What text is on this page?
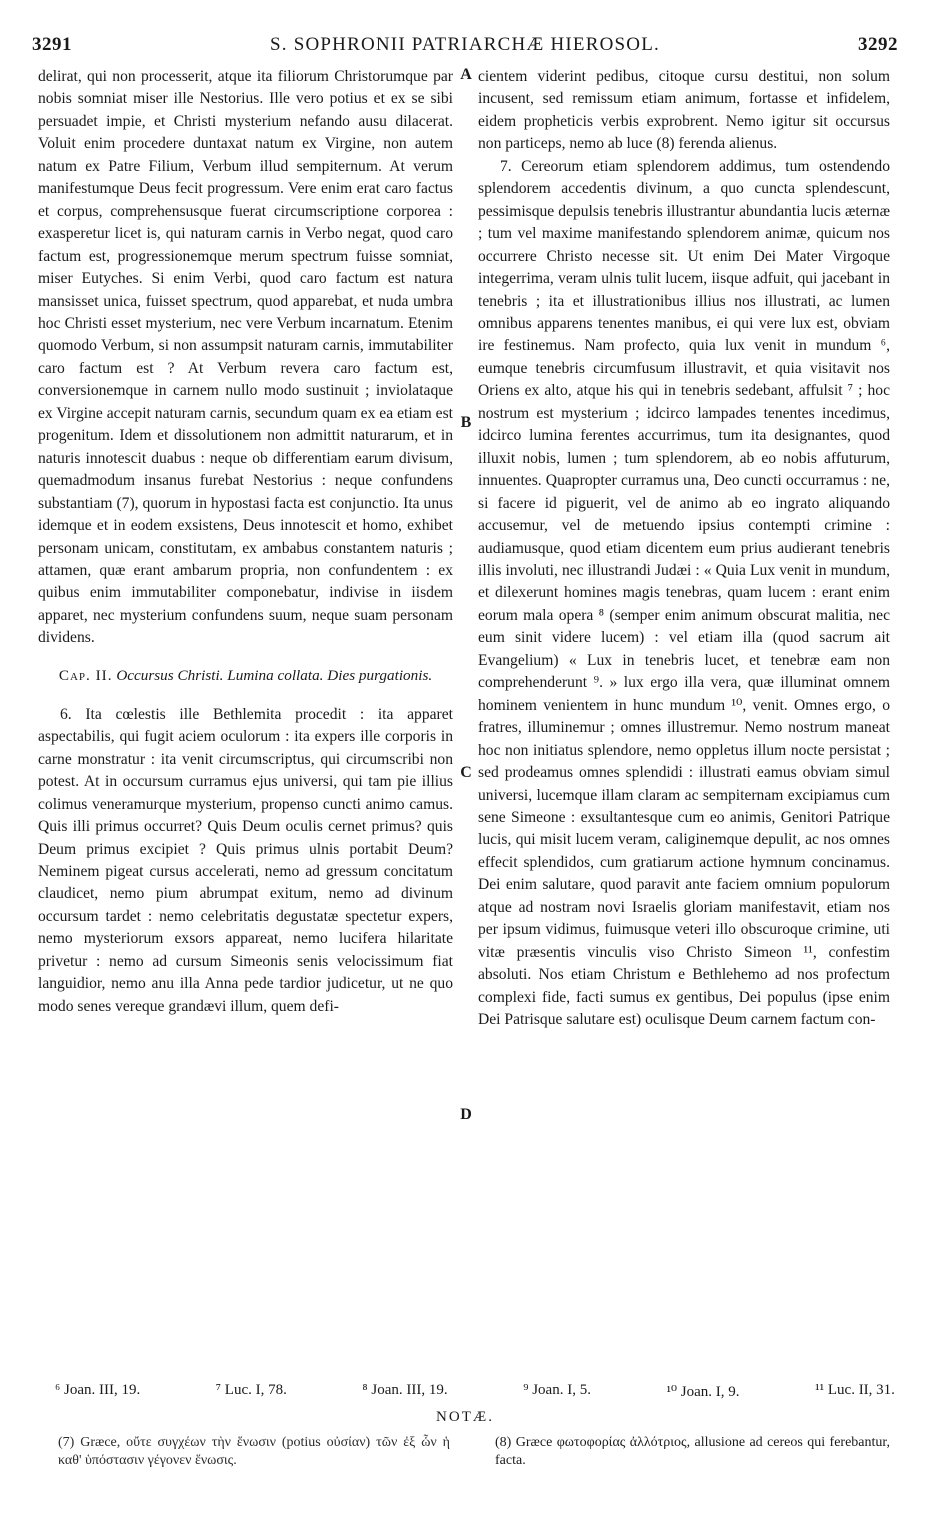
3291	S. SOPHRONII PATRIARCHÆ HIEROSOL.	3292

delirat, qui non processerit, atque ita filiorum Christorumque par nobis somniat miser ille Nestorius. Ille vero potius et ex se sibi persuadet impie, et Christi mysterium nefando ausu dilacerat. Voluit enim procedere duntaxat natum ex Virgine, non autem natum ex Patre Filium, Verbum illud sempiternum. At verum manifestumque Deus fecit progressum. Vere enim erat caro factus et corpus, comprehensusque fuerat circumscriptione corporea : exasperetur licet is, qui naturam carnis in Verbo negat, quod caro factum est, progressionemque merum spectrum fuisse somniat, miser Eutyches. Si enim Verbi, quod caro factum est natura mansisset unica, fuisset spectrum, quod apparebat, et nuda umbra hoc Christi esset mysterium, nec vere Verbum incarnatum. Etenim quomodo Verbum, si non assumpsit naturam carnis, immutabiliter caro factum est ? At Verbum revera caro factum est, conversionemque in carnem nullo modo sustinuit ; inviolataque ex Virgine accepit naturam carnis, secundum quam ex ea etiam est progenitum. Idem et dissolutionem non admittit naturarum, et in naturis innotescit duabus : neque ob differentiam earum divisum, quemadmodum insanus furebat Nestorius : neque confundens substantiam (7), quorum in hypostasi facta est conjunctio. Ita unus idemque et in eodem exsistens, Deus innotescit et homo, exhibet personam unicam, constitutam, ex ambabus constantem naturis ; attamen, quæ erant ambarum propria, non confundentem : ex quibus enim immutabiliter componebatur, indivise in iisdem apparet, nec mysterium confundens suum, neque suam personam dividens.

Cap. II. Occursus Christi. Lumina collata. Dies purgationis.

6. Ita cœlestis ille Bethlemita procedit : ita apparet aspectabilis, qui fugit aciem oculorum : ita expers ille corporis in carne monstratur : ita venit circumscriptus, qui circumscribi non potest. At in occursum curramus ejus universi, qui tam pie illius colimus veneramurque mysterium, propenso cuncti animo camus. Quis illi primus occurret? Quis Deum oculis cernet primus? quis Deum primus excipiet ? Quis primus ulnis portabit Deum? Neminem pigeat cursus accelerati, nemo ad gressum concitatum claudicet, nemo pium abrumpat exitum, nemo ad divinum occursum tardet : nemo celebritatis degustatæ spectetur expers, nemo mysteriorum exsors appareat, nemo lucifera hilaritate privetur : nemo ad cursum Simeonis senis velocissimum fiat languidior, nemo anu illa Anna pede tardior judicetur, ut ne quo modo senes vereque grandævi illum, quem defi-

cientem viderint pedibus, citoque cursu destitui, non solum incusent, sed remissum etiam animum, fortasse et infidelem, eidem propheticis verbis exprobrent. Nemo igitur sit occursus non particeps, nemo ab luce (8) ferenda alienus.

7. Cereorum etiam splendorem addimus, tum ostendendo splendorem accedentis divinum, a quo cuncta splendescunt, pessimisque depulsis tenebris illustrantur abundantia lucis æternæ ; tum vel maxime manifestando splendorem animæ, quicum nos occurrere Christo necesse sit. Ut enim Dei Mater Virgoque integerrima, veram ulnis tulit lucem, iisque adfuit, qui jacebant in tenebris ; ita et illustrationibus illius nos illustrati, ac lumen omnibus apparens tenentes manibus, ei qui vere lux est, obviam ire festinemus. Nam profecto, quia lux venit in mundum ⁶, eumque tenebris circumfusum illustravit, et quia visitavit nos Oriens ex alto, atque his qui in tenebris sedebant, affulsit ⁷ ; hoc nostrum est mysterium ; idcirco lampades tenentes incedimus, idcirco lumina ferentes accurrimus, tum ita designantes, quod illuxit nobis, lumen ; tum splendorem, ab eo nobis affuturum, innuentes. Quapropter curramus una, Deo cuncti occurramus : ne, si facere id piguerit, vel de animo ab eo ingrato aliquando accusemur, vel de metuendo ipsius contempti crimine : audiamusque, quod etiam dicentem eum prius audierant tenebris illis involuti, nec illustrandi Judæi : « Quia Lux venit in mundum, et dilexerunt homines magis tenebras, quam lucem : erant enim eorum mala opera ⁸ (semper enim animum obscurat malitia, nec eum sinit videre lucem) : vel etiam illa (quod sacrum ait Evangelium) « Lux in tenebris lucet, et tenebræ eam non comprehenderunt ⁹. » lux ergo illa vera, quæ illuminat omnem hominem venientem in hunc mundum ¹⁰, venit. Omnes ergo, o fratres, illuminemur ; omnes illustremur. Nemo nostrum maneat hoc non initiatus splendore, nemo oppletus illum nocte persistat ; sed prodeamus omnes splendidi : illustrati eamus obviam simul universi, lucemque illam claram ac sempiternam excipiamus cum sene Simeone : exsultantesque cum eo animis, Genitori Patrique lucis, qui misit lucem veram, caliginemque depulit, ac nos omnes effecit splendidos, cum gratiarum actione hymnum concinamus. Dei enim salutare, quod paravit ante faciem omnium populorum atque ad nostram novi Israelis gloriam manifestavit, etiam nos per ipsum vidimus, fuimusque veteri illo obscuroque crimine, uti vitæ præsentis vinculis viso Christo Simeon ¹¹, confestim absoluti. Nos etiam Christum e Bethlehemo ad nos profectum complexi fide, facti sumus ex gentibus, Dei populus (ipse enim Dei Patrisque salutare est) oculisque Deum carnem factum con-

A
B
C
D
⁶ Joan. III, 19.	⁷ Luc. I, 78.	⁸ Joan. III, 19.	⁹ Joan. I, 5.	¹⁰ Joan. I, 9.	¹¹ Luc. II, 31.
NOTÆ.
(7) Græce, οὔτε συγχέων τὴν ἕνωσιν (potius οὐσίαν) τῶν ἐξ ὧν ἡ καθ' ὑπόστασιν γέγονεν ἕνωσις.
(8) Græce φωτοφορίας ἀλλότριος, allusione ad cereos qui ferebantur, facta.
